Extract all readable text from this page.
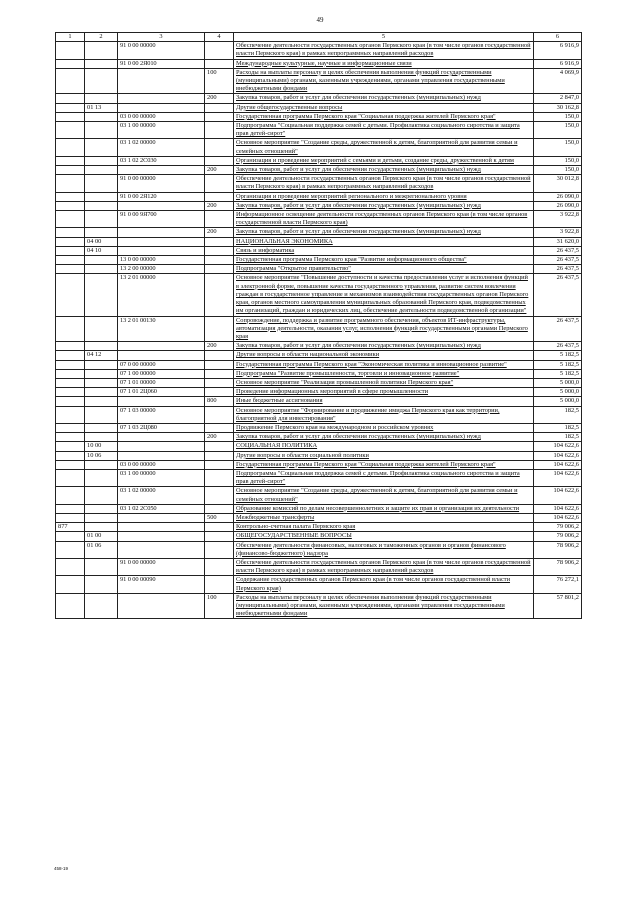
49
1	2	3	4	5	6
		91 0 00 00000		Обеспечение деятельности государственных органов Пермского края (в том числе органов государственной власти Пермского края) в рамках непрограммных направлений расходов	6 916,9
		91 0 00 2Я010		Международные культурные, научные и информационные связи	6 916,9
			100	Расходы на выплаты персоналу в целях обеспечения выполнения функций государственными (муниципальными) органами, казенными учреждениями, органами управления государственными внебюджетными фондами	4 069,9
			200	Закупка товаров, работ и услуг для обеспечения государственных (муниципальных) нужд	2 847,0
	01 13			Другие общегосударственные вопросы	30 162,8
		03 0 00 00000		Государственная программа Пермского края "Социальная поддержка жителей Пермского края"	150,0
		03 1 00 00000		Подпрограмма "Социальная поддержка семей с детьми. Профилактика социального сиротства и защита прав детей-сирот"	150,0
		03 1 02 00000		Основное мероприятие "Создание среды, дружественной к детям, благоприятной для развития семьи и семейных отношений"	150,0
		03 1 02 2С030		Организация и проведение мероприятий с семьями и детьми, создание среды, дружественной к детям	150,0
			200	Закупка товаров, работ и услуг для обеспечения государственных (муниципальных) нужд	150,0
		91 0 00 00000		Обеспечение деятельности государственных органов Пермского края (в том числе органов государственной власти Пермского края) в рамках непрограммных направлений расходов	30 012,8
		91 0 00 2Я120		Организация и проведение мероприятий регионального и межрегионального уровня	26 090,0
			200	Закупка товаров, работ и услуг для обеспечения государственных (муниципальных) нужд	26 090,0
		91 0 00 9Я700		Информационное освещение деятельности государственных органов Пермского края (в том числе органов государственной власти Пермского края)	3 922,8
			200	Закупка товаров, работ и услуг для обеспечения государственных (муниципальных) нужд	3 922,8
	04 00			НАЦИОНАЛЬНАЯ ЭКОНОМИКА	31 620,0
	04 10			Связь и информатика	26 437,5
		13 0 00 00000		Государственная программа Пермского края "Развитие информационного общества"	26 437,5
		13 2 00 00000		Подпрограмма "Открытое правительство"	26 437,5
		13 2 01 00000		Основное мероприятие "Повышение доступности и качества предоставления услуг и исполнения функций в электронной форме, повышение качества государственного управления, развитие систем вовлечения граждан в государственное управление и механизмов взаимодействия государственных органов Пермского края, органов местного самоуправления муниципальных образований Пермского края, подведомственных им организаций, граждан и юридических лиц, обеспечение деятельности подведомственной организации"	26 437,5
		13 2 01 00130		Сопровождение, поддержка и развитие программного обеспечения, объектов ИТ-инфраструктуры, автоматизация деятельности, оказания услуг, исполнения функций государственными органами Пермского края	26 437,5
			200	Закупка товаров, работ и услуг для обеспечения государственных (муниципальных) нужд	26 437,5
	04 12			Другие вопросы в области национальной экономики	5 182,5
		07 0 00 00000		Государственная программа Пермского края "Экономическая политика и инновационное развитие"	5 182,5
		07 1 00 00000		Подпрограмма "Развитие промышленности, торговли и инновационное развитие"	5 182,5
		07 1 01 00000		Основное мероприятие "Реализация промышленной политики Пермского края"	5 000,0
		07 1 01 2Ц060		Проведение информационных мероприятий в сфере промышленности	5 000,0
			800	Иные бюджетные ассигнования	5 000,0
		07 1 03 00000		Основное мероприятие "Формирование и продвижение имиджа Пермского края как территории, благоприятной для инвестирования"	182,5
		07 1 03 2Ц080		Продвижение Пермского края на международном и российском уровнях	182,5
			200	Закупка товаров, работ и услуг для обеспечения государственных (муниципальных) нужд	182,5
	10 00			СОЦИАЛЬНАЯ ПОЛИТИКА	104 622,6
	10 06			Другие вопросы в области социальной политики	104 622,6
		03 0 00 00000		Государственная программа Пермского края "Социальная поддержка жителей Пермского края"	104 622,6
		03 1 00 00000		Подпрограмма "Социальная поддержка семей с детьми. Профилактика социального сиротства и защита прав детей-сирот"	104 622,6
		03 1 02 00000		Основное мероприятие "Создание среды, дружественной к детям, благоприятной для развития семьи и семейных отношений"	104 622,6
		03 1 02 2С050		Образование комиссий по делам несовершеннолетних и защите их прав и организация их деятельности	104 622,6
			500	Межбюджетные трансферты	104 622,6
877				Контрольно-счетная палата Пермского края	79 006,2
	01 00			ОБЩЕГОСУДАРСТВЕННЫЕ ВОПРОСЫ	79 006,2
	01 06			Обеспечение деятельности финансовых, налоговых и таможенных органов и органов финансового (финансово-бюджетного) надзора	78 906,2
		91 0 00 00000		Обеспечение деятельности государственных органов Пермского края (в том числе органов государственной власти Пермского края) в рамках непрограммных направлений расходов	78 906,2
		91 0 00 00090		Содержание государственных органов Пермского края (в том числе органов государственной власти Пермского края)	76 272,1
			100	Расходы на выплаты персоналу в целях обеспечения выполнения функций государственными (муниципальными) органами, казенными учреждениями, органами управления государственными внебюджетными фондами	57 801,2
458-19
